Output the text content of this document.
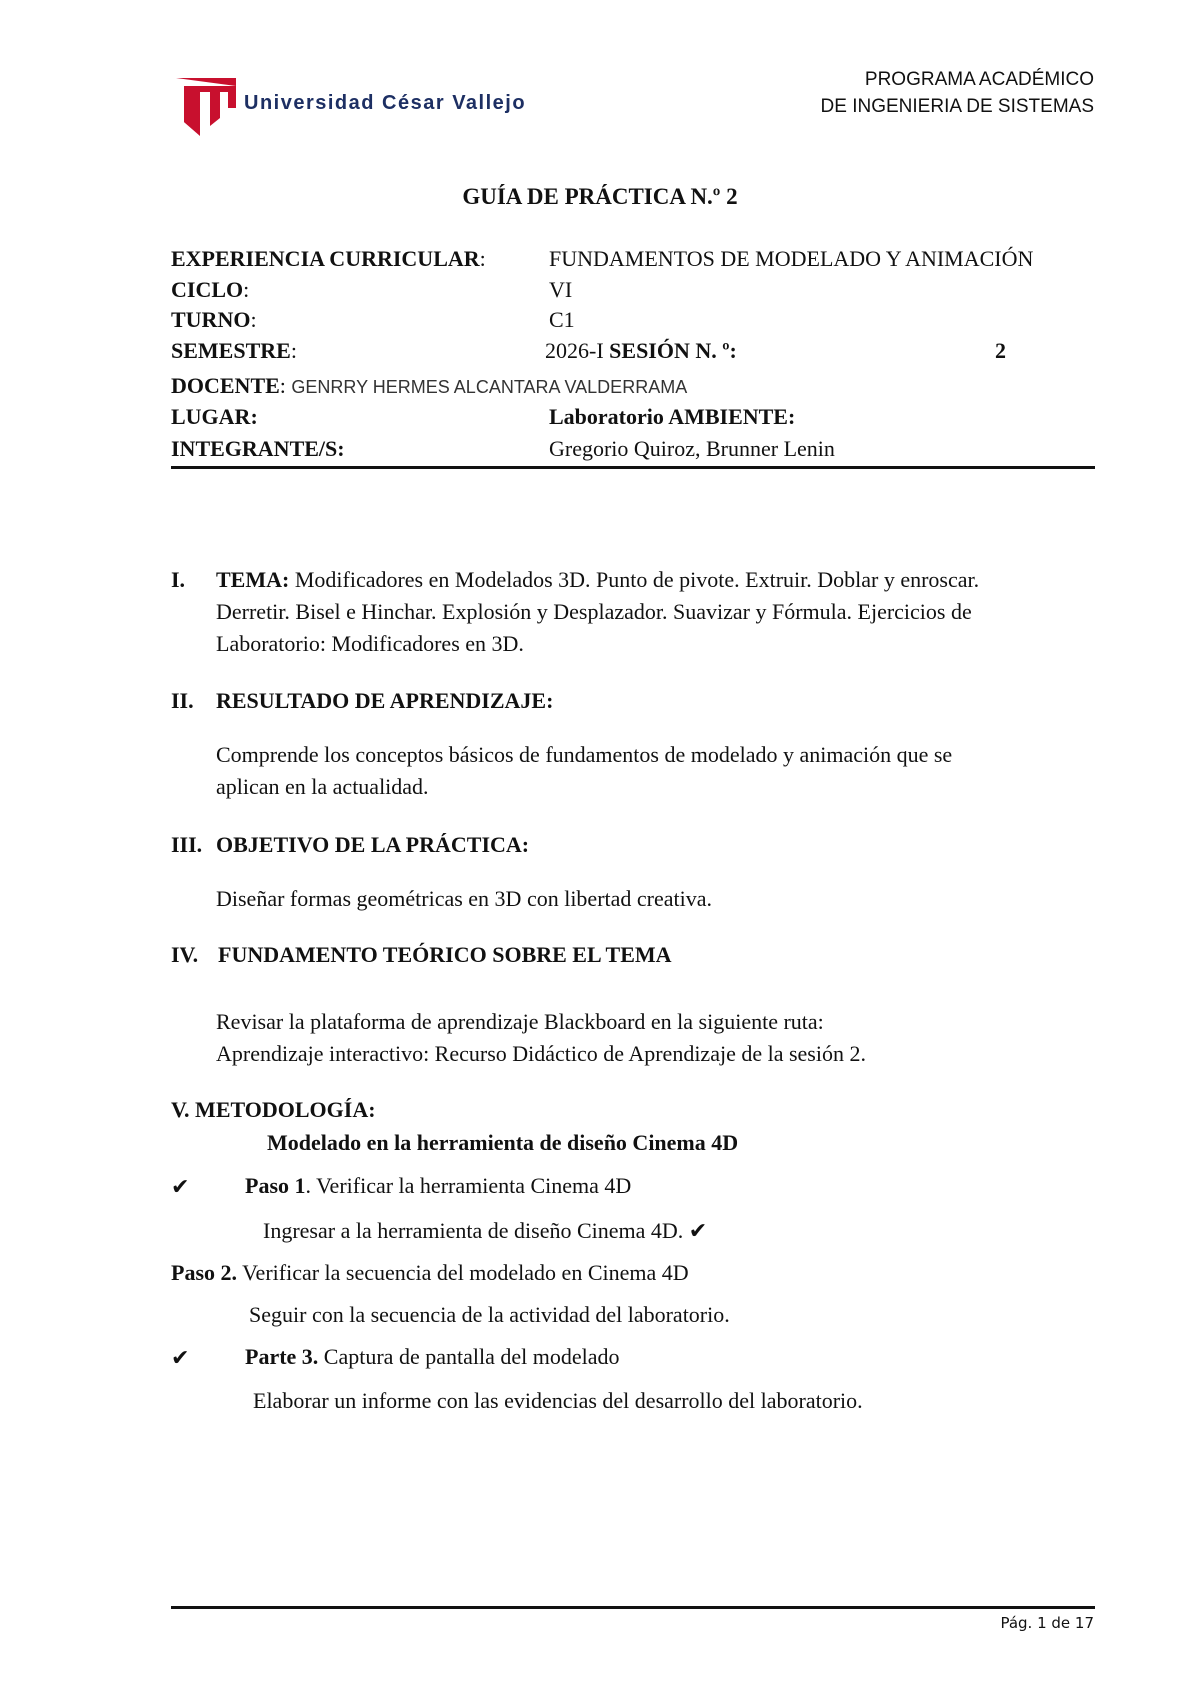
Universidad César Vallejo
PROGRAMA ACADÉMICO
DE INGENIERIA DE SISTEMAS
GUÍA DE PRÁCTICA N.º 2
EXPERIENCIA CURRICULAR:	FUNDAMENTOS DE MODELADO Y ANIMACIÓN
CICLO:	VI
TURNO:	C1
SEMESTRE:	2026-I SESIÓN N. º:	2
DOCENTE: GENRRY HERMES ALCANTARA VALDERRAMA
LUGAR:	Laboratorio AMBIENTE:
INTEGRANTE/S:	Gregorio Quiroz, Brunner Lenin
I. TEMA: Modificadores en Modelados 3D. Punto de pivote. Extruir. Doblar y enroscar.
Derretir. Bisel e Hinchar. Explosión y Desplazador. Suavizar y Fórmula. Ejercicios de
Laboratorio: Modificadores en 3D.
II. RESULTADO DE APRENDIZAJE:
Comprende los conceptos básicos de fundamentos de modelado y animación que se
aplican en la actualidad.
III. OBJETIVO DE LA PRÁCTICA:
Diseñar formas geométricas en 3D con libertad creativa.
IV. FUNDAMENTO TEÓRICO SOBRE EL TEMA
Revisar la plataforma de aprendizaje Blackboard en la siguiente ruta:
Aprendizaje interactivo: Recurso Didáctico de Aprendizaje de la sesión 2.
V. METODOLOGÍA:
Modelado en la herramienta de diseño Cinema 4D
✔	Paso 1. Verificar la herramienta Cinema 4D
Ingresar a la herramienta de diseño Cinema 4D. ✔
Paso 2. Verificar la secuencia del modelado en Cinema 4D
Seguir con la secuencia de la actividad del laboratorio.
✔	Parte 3. Captura de pantalla del modelado
Elaborar un informe con las evidencias del desarrollo del laboratorio.
Pág. 1 de 17
